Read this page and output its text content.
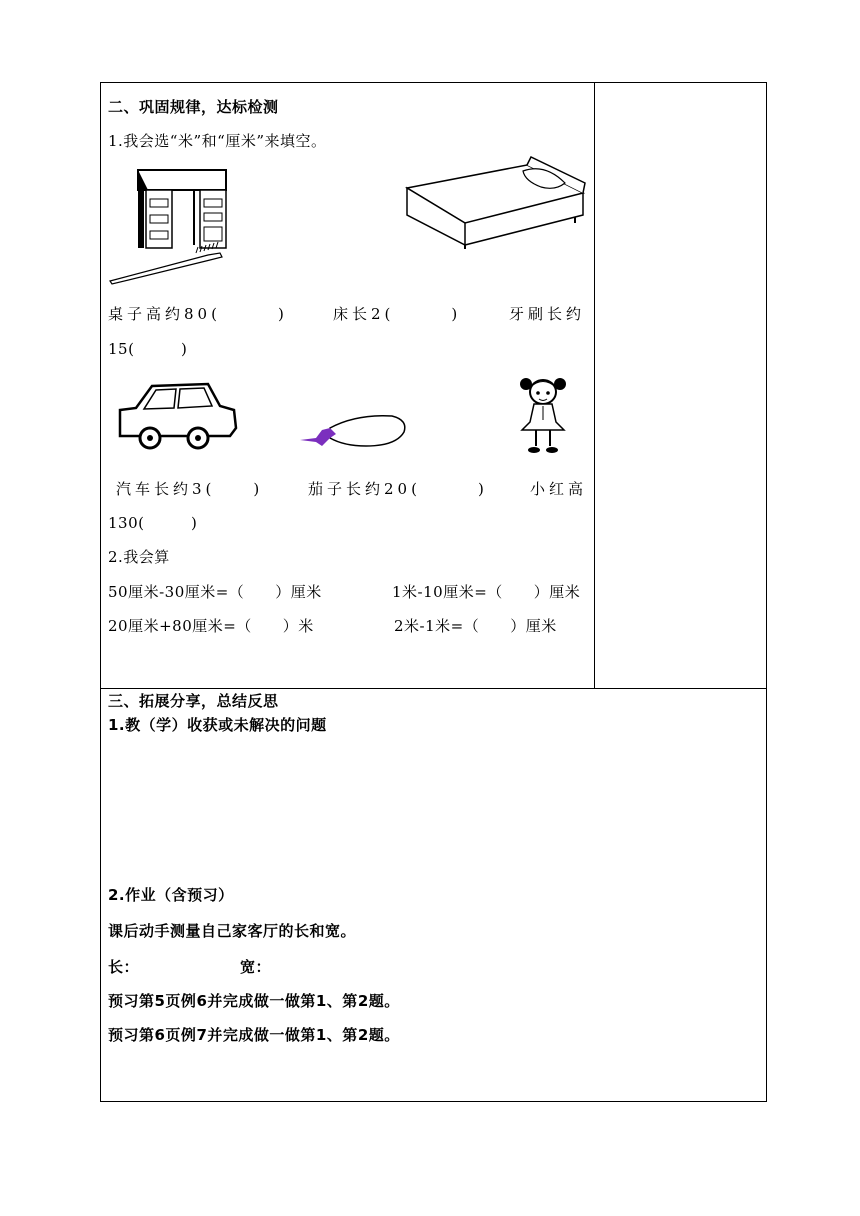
二、巩固规律，达标检测
1.我会选“米”和“厘米”来填空。
桌子高约80(　　　)	床长2(　　　)	牙刷长约
15(　　　)
汽车长约3(　　)	茄子长约20(　　　)	小红高
130(　　　)
2.我会算
50厘米-30厘米=（　　）厘米	1米-10厘米=（　　）厘米
20厘米+80厘米=（　　）米	2米-1米=（　　）厘米
三、拓展分享，总结反思
1.教（学）收获或未解决的问题
2.作业（含预习）
课后动手测量自己家客厅的长和宽。
长：	宽：
预习第5页例6并完成做一做第1、第2题。
预习第6页例7并完成做一做第1、第2题。
